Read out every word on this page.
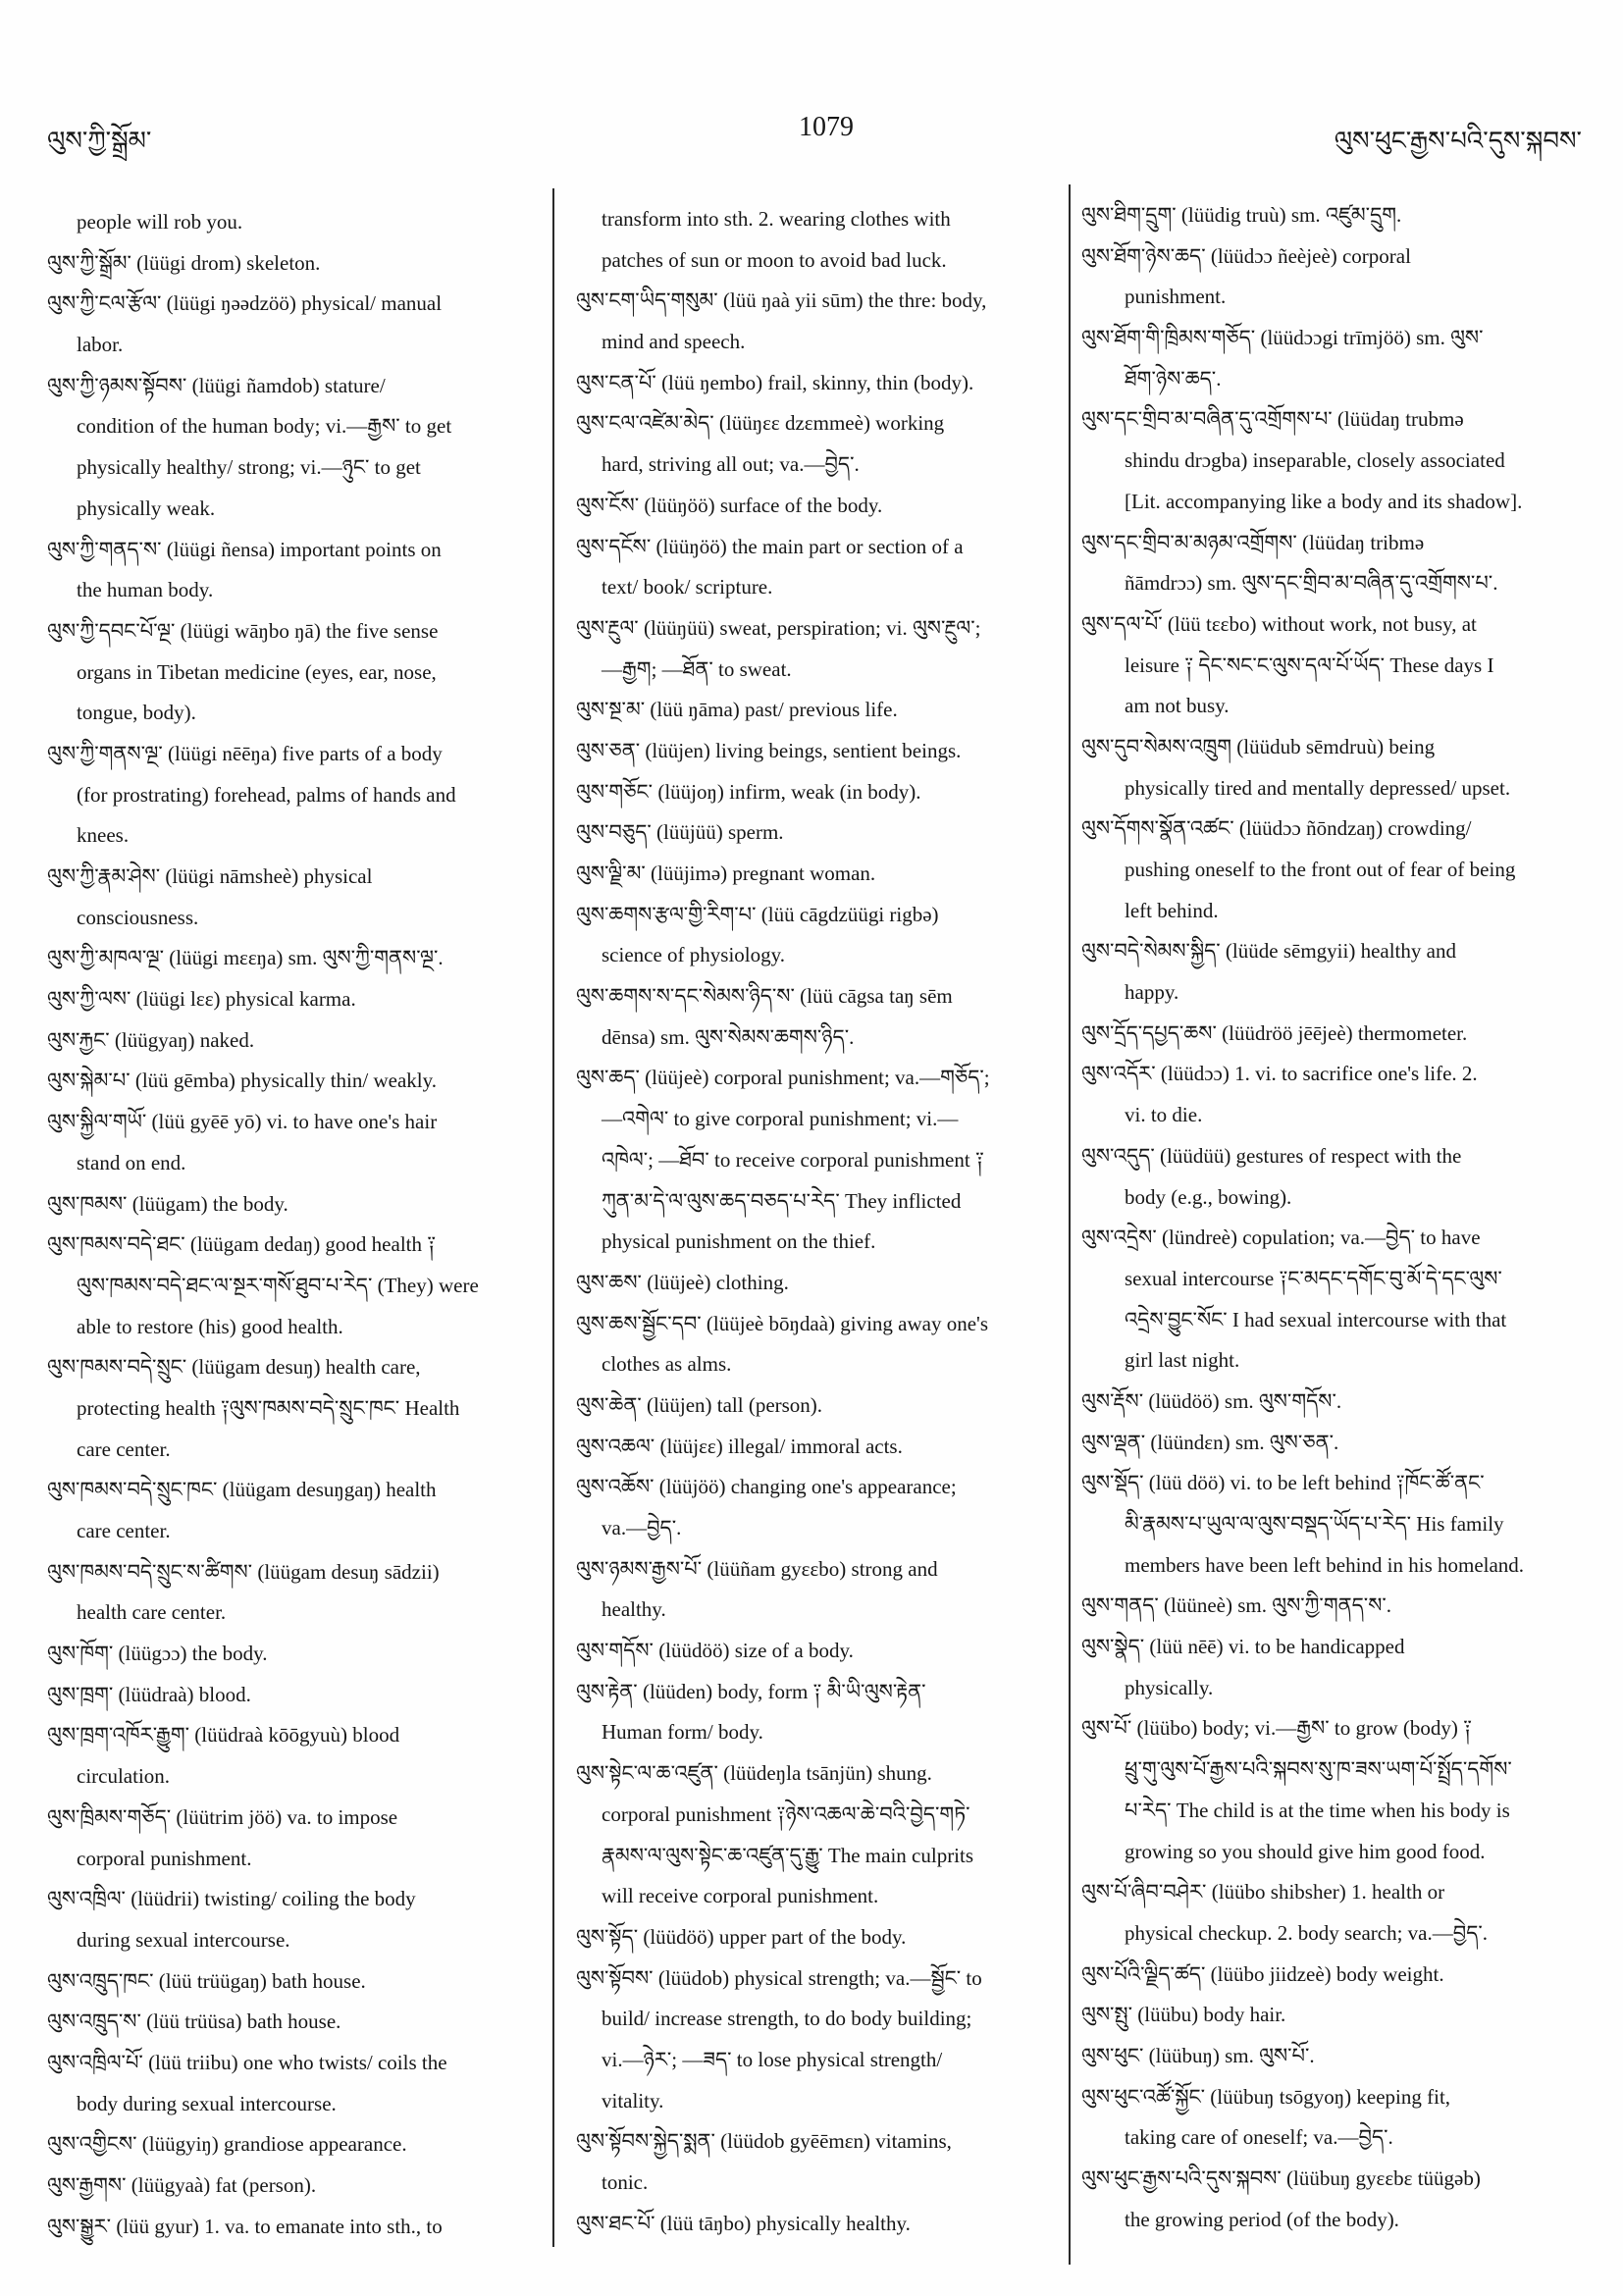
ལུས་ཀྱི་སྒྲོམ་	1079	ལུས་ཕུང་རྒྱས་པའི་དུས་སྐབས་
people will rob you.
ལུས་ཀྱི་སྒྲོམ་ (lüügi drom) skeleton.
ལུས་ཀྱི་ངལ་རྩོལ་ (lüügi ŋəədzöö) physical/ manual
labor.
ལུས་ཀྱི་ཉམས་སྟོབས་ (lüügi ñamdob) stature/
condition of the human body; vi.—རྒྱས་ to get
physically healthy/ strong; vi.—ཉུང་ to get
physically weak.
ལུས་ཀྱི་གནད་ས་ (lüügi ñensa) important points on
the human body.
ལུས་ཀྱི་དབང་པོ་ལྔ་ (lüügi wāŋbo ŋā) the five sense
organs in Tibetan medicine (eyes, ear, nose,
tongue, body).
ལུས་ཀྱི་གནས་ལྔ་ (lüügi nēēŋa) five parts of a body
(for prostrating) forehead, palms of hands and
knees.
ལུས་ཀྱི་རྣམ་ཤེས་ (lüügi nāmsheè) physical
consciousness.
ལུས་ཀྱི་མཁལ་ལྔ་ (lüügi mɛɛŋa) sm. ལུས་ཀྱི་གནས་ལྔ་.
ལུས་ཀྱི་ལས་ (lüügi lɛɛ) physical karma.
ལུས་རྐྱང་ (lüügyaŋ) naked.
ལུས་སྐེམ་པ་ (lüü gēmba) physically thin/ weakly.
ལུས་སྐྱིལ་གཡོ་ (lüü gyēē yō) vi. to have one's hair
stand on end.
ལུས་ཁམས་ (lüügam) the body.
ལུས་ཁམས་བདེ་ཐང་ (lüügam dedaŋ) good health ༑
ལུས་ཁམས་བདེ་ཐང་ལ་སྔར་གསོ་ཐུབ་པ་རེད་ (They) were
able to restore (his) good health.
ལུས་ཁམས་བདེ་སྲུང་ (lüügam desuŋ) health care,
protecting health ༑ལུས་ཁམས་བདེ་སྲུང་ཁང་ Health
care center.
ལུས་ཁམས་བདེ་སྲུང་ཁང་ (lüügam desuŋgaŋ) health
care center.
ལུས་ཁམས་བདེ་སྲུང་ས་ཚིགས་ (lüügam desuŋ sādzii)
health care center.
ལུས་ཁོག་ (lüügɔɔ) the body.
ལུས་ཁྲག་ (lüüdraà) blood.
ལུས་ཁྲག་འཁོར་རྒྱུག་ (lüüdraà kōōgyuù) blood
circulation.
ལུས་ཁྲིམས་གཅོད་ (lüütrim jöö) va. to impose
corporal punishment.
ལུས་འཁྲིལ་ (lüüdrii) twisting/ coiling the body
during sexual intercourse.
ལུས་འཁྲུད་ཁང་ (lüü trüügaŋ) bath house.
ལུས་འཁྲུད་ས་ (lüü trüüsa) bath house.
ལུས་འཁྲིལ་པོ་ (lüü triibu) one who twists/ coils the
body during sexual intercourse.
ལུས་འགྱིངས་ (lüügyiŋ) grandiose appearance.
ལུས་རྒྱགས་ (lüügyaà) fat (person).
ལུས་སྒྱུར་ (lüü gyur) 1. va. to emanate into sth., to
transform into sth. 2. wearing clothes with
patches of sun or moon to avoid bad luck.
ལུས་ངག་ཡིད་གསུམ་ (lüü ŋaà yii sūm) the thre: body,
mind and speech.
ལུས་ངན་པོ་ (lüü ŋembo) frail, skinny, thin (body).
ལུས་ངལ་འཛེམ་མེད་ (lüüŋɛɛ dzɛmmeè) working
hard, striving all out; va.—བྱེད་.
ལུས་ངོས་ (lüüŋöö) surface of the body.
ལུས་དངོས་ (lüüŋöö) the main part or section of a
text/ book/ scripture.
ལུས་རྔུལ་ (lüüŋüü) sweat, perspiration; vi. ལུས་རྔུལ་;
—རྒྱག; —ཐོན་ to sweat.
ལུས་སྔ་མ་ (lüü ŋāma) past/ previous life.
ལུས་ཅན་ (lüüjen) living beings, sentient beings.
ལུས་གཅོང་ (lüüjoŋ) infirm, weak (in body).
ལུས་བཅུད་ (lüüjüü) sperm.
ལུས་ལྗི་མ་ (lüüjimə) pregnant woman.
ལུས་ཆགས་རྩལ་གྱི་རིག་པ་ (lüü cāgdzüügi rigbə)
science of physiology.
ལུས་ཆགས་ས་དང་སེམས་ཉིད་ས་ (lüü cāgsa taŋ sēm
dēnsa) sm. ལུས་སེམས་ཆགས་ཉིད་.
ལུས་ཆད་ (lüüjeè) corporal punishment; va.—གཅོད་;
—འགེལ་ to give corporal punishment; vi.—
འཁེལ་; —ཐོབ་ to receive corporal punishment ༑
ཀུན་མ་དེ་ལ་ལུས་ཆད་བཅད་པ་རེད་ They inflicted
physical punishment on the thief.
ལུས་ཆས་ (lüüjeè) clothing.
ལུས་ཆས་སྦྱོང་དབ་ (lüüjeè bōŋdaà) giving away one's
clothes as alms.
ལུས་ཆེན་ (lüüjen) tall (person).
ལུས་འཆལ་ (lüüjɛɛ) illegal/ immoral acts.
ལུས་འཆོས་ (lüüjöö) changing one's appearance;
va.—བྱེད་.
ལུས་ཉམས་རྒྱས་པོ་ (lüüñam gyɛɛbo) strong and
healthy.
ལུས་གདོས་ (lüüdöö) size of a body.
ལུས་རྟེན་ (lüüden) body, form ༑ མི་ཡི་ལུས་རྟེན་
Human form/ body.
ལུས་སྟེང་ལ་ཆ་འཛུན་ (lüüdeŋla tsānjün) shung.
corporal punishment ༑ཉེས་འཆལ་ཆེ་བའི་བྱེད་གཏེ་
རྣམས་ལ་ལུས་སྟེང་ཆ་འཛུན་དུ་རྒྱུ་ The main culprits
will receive corporal punishment.
ལུས་སྟོད་ (lüüdöö) upper part of the body.
ལུས་སྟོབས་ (lüüdob) physical strength; va.—སྦྱོང་ to
build/ increase strength, to do body building;
vi.—ཉེར་; —ཟད་ to lose physical strength/
vitality.
ལུས་སྟོབས་སྐྱེད་སྨན་ (lüüdob gyēēmɛn) vitamins,
tonic.
ལུས་ཐང་པོ་ (lüü tāŋbo) physically healthy.
ལུས་ཐིག་དྲུག་ (lüüdig truù) sm. འཛུམ་དྲུག.
ལུས་ཐོག་ཉེས་ཆད་ (lüüdɔɔ ñeèjeè) corporal
punishment.
ལུས་ཐོག་གི་ཁྲིམས་གཅོད་ (lüüdɔɔgi trīmjöö) sm. ལུས་
ཐོག་ཉེས་ཆད་.
ལུས་དང་གྲིབ་མ་བཞིན་དུ་འགྲོགས་པ་ (lüüdaŋ trubmə
shindu drɔgba) inseparable, closely associated
[Lit. accompanying like a body and its shadow].
ལུས་དང་གྲིབ་མ་མཉམ་འགྲོགས་ (lüüdaŋ tribmə
ñāmdrɔɔ) sm. ལུས་དང་གྲིབ་མ་བཞིན་དུ་འགྲོགས་པ་.
ལུས་དལ་པོ་ (lüü tɛɛbo) without work, not busy, at
leisure ༑ དེང་སང་ང་ལུས་དལ་པོ་ཡོད་ These days I
am not busy.
ལུས་དུབ་སེམས་འཁྲུག (lüüdub sēmdruù) being
physically tired and mentally depressed/ upset.
ལུས་དོགས་སྣོན་འཚང་ (lüüdɔɔ ñōndzaŋ) crowding/
pushing oneself to the front out of fear of being
left behind.
ལུས་བདེ་སེམས་སྐྱིད་ (lüüde sēmgyii) healthy and
happy.
ལུས་དྲོད་དཔྱད་ཆས་ (lüüdröö jēējeè) thermometer.
ལུས་འདོར་ (lüüdɔɔ) 1. vi. to sacrifice one's life. 2.
vi. to die.
ལུས་འདུད་ (lüüdüü) gestures of respect with the
body (e.g., bowing).
ལུས་འདྲེས་ (lündreè) copulation; va.—བྱེད་ to have
sexual intercourse ༑ང་མདང་དགོང་བུ་མོ་དེ་དང་ལུས་
འདྲེས་བྱུང་སོང་ I had sexual intercourse with that
girl last night.
ལུས་རྡོས་ (lüüdöö) sm. ལུས་གདོས་.
ལུས་ལྡན་ (lüündɛn) sm. ལུས་ཅན་.
ལུས་སྡོད་ (lüü döö) vi. to be left behind ༑ཁོང་ཚོ་ནང་
མི་རྣམས་པ་ཡུལ་ལ་ལུས་བསྡད་ཡོད་པ་རེད་ His family
members have been left behind in his homeland.
ལུས་གནད་ (lüüneè) sm. ལུས་ཀྱི་གནད་ས་.
ལུས་སྣེད་ (lüü nēē) vi. to be handicapped
physically.
ལུས་པོ་ (lüübo) body; vi.—རྒྱས་ to grow (body) ༑
ཕྲུ་གུ་ལུས་པོ་རྒྱས་པའི་སྐབས་སུ་ཁ་ཟས་ཡག་པོ་སྤྲོད་དགོས་
པ་རེད་ The child is at the time when his body is
growing so you should give him good food.
ལུས་པོ་ཞིབ་བཤེར་ (lüübo shibsher) 1. health or
physical checkup. 2. body search; va.—བྱེད་.
ལུས་པོའི་ལྗིད་ཚད་ (lüübo jiidzeè) body weight.
ལུས་སྤུ་ (lüübu) body hair.
ལུས་ཕུང་ (lüübuŋ) sm. ལུས་པོ་.
ལུས་ཕུང་འཚོ་སྐྱོང་ (lüübuŋ tsōgyoŋ) keeping fit,
taking care of oneself; va.—བྱེད་.
ལུས་ཕུང་རྒྱས་པའི་དུས་སྐབས་ (lüübuŋ gyɛɛbɛ tüügəb)
the growing period (of the body).
